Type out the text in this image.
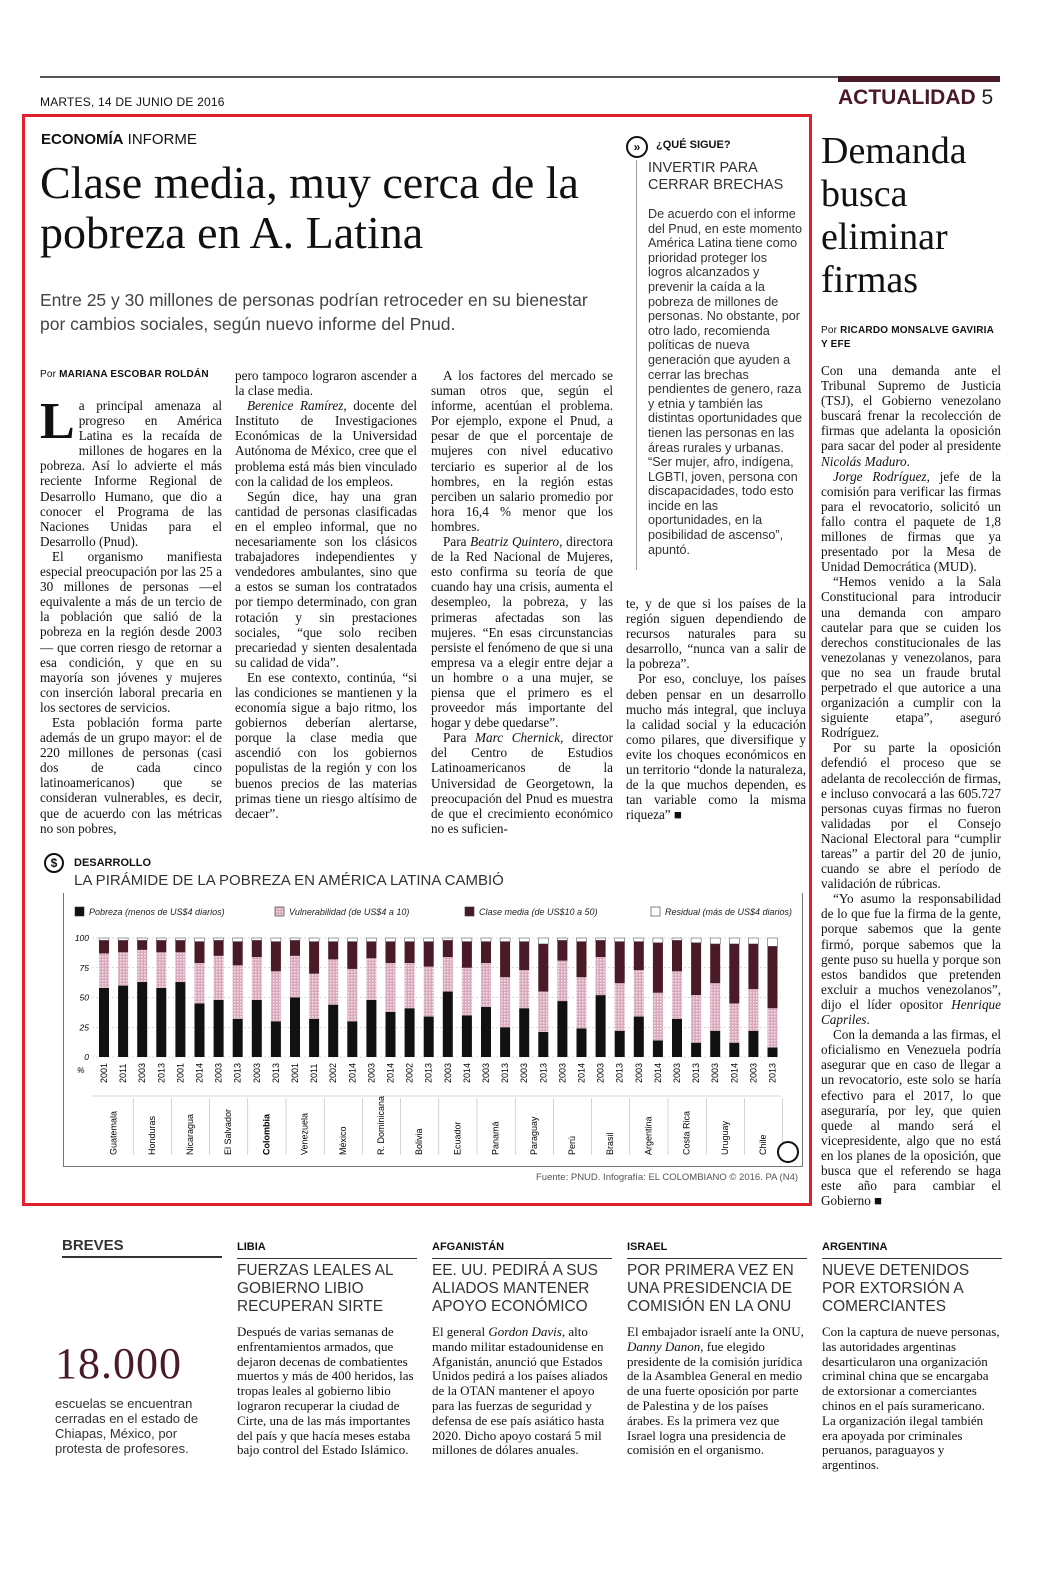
MARTES, 14 DE JUNIO DE 2016	ACTUALIDAD 5
ECONOMÍA INFORME
Clase media, muy cerca de la pobreza en A. Latina
Entre 25 y 30 millones de personas podrían retroceder en su bienestar por cambios sociales, según nuevo informe del Pnud.
Por MARIANA ESCOBAR ROLDÁN

La principal amenaza al progreso en América Latina es la recaída de millones de hogares en la pobreza. Así lo advierte el más reciente Informe Regional de Desarrollo Humano, que dio a conocer el Programa de las Naciones Unidas para el Desarrollo (Pnud).

El organismo manifiesta especial preocupación por las 25 a 30 millones de personas —el equivalente a más de un tercio de la población que salió de la pobreza en la región desde 2003— que corren riesgo de retornar a esa condición, y que en su mayoría son jóvenes y mujeres con inserción laboral precaria en los sectores de servicios.

Esta población forma parte además de un grupo mayor: el de 220 millones de personas (casi dos de cada cinco latinoamericanos) que se consideran vulnerables, es decir, que de acuerdo con las métricas no son pobres,

pero tampoco lograron ascender a la clase media.

Berenice Ramírez, docente del Instituto de Investigaciones Económicas de la Universidad Autónoma de México, cree que el problema está más bien vinculado con la calidad de los empleos.

Según dice, hay una gran cantidad de personas clasificadas en el empleo informal, que no necesariamente son los clásicos trabajadores independientes y vendedores ambulantes, sino que a estos se suman los contratados por tiempo determinado, con gran rotación y sin prestaciones sociales, “que solo reciben precariedad y sienten desalentada su calidad de vida”.

En ese contexto, continúa, “si las condiciones se mantienen y la economía sigue a bajo ritmo, los gobiernos deberían alertarse, porque la clase media que ascendió con los gobiernos populistas de la región y con los buenos precios de las materias primas tiene un riesgo altísimo de decaer”.

A los factores del mercado se suman otros que, según el informe, acentúan el problema. Por ejemplo, expone el Pnud, a pesar de que el porcentaje de mujeres con nivel educativo terciario es superior al de los hombres, en la región estas perciben un salario promedio por hora 16,4 % menor que los hombres.

Para Beatriz Quintero, directora de la Red Nacional de Mujeres, esto confirma su teoría de que cuando hay una crisis, aumenta el desempleo, la pobreza, y las primeras afectadas son las mujeres. “En esas circunstancias persiste el fenómeno de que si una empresa va a elegir entre dejar a un hombre o a una mujer, se piensa que el primero es el proveedor más importante del hogar y debe quedarse”.

Para Marc Chernick, director del Centro de Estudios Latinoamericanos de la Universidad de Georgetown, la preocupación del Pnud es muestra de que el crecimiento económico no es suficien-

te, y de que si los países de la región siguen dependiendo de recursos naturales para su desarrollo, “nunca van a salir de la pobreza”.

Por eso, concluye, los países deben pensar en un desarrollo mucho más integral, que incluya la calidad social y la educación como pilares, que diversifique y evite los choques económicos en un territorio “donde la naturaleza, de la que muchos dependen, es tan variable como la misma riqueza” ■

»	¿QUÉ SIGUE?
INVERTIR PARA CERRAR BRECHAS
De acuerdo con el informe del Pnud, en este momento América Latina tiene como prioridad proteger los logros alcanzados y prevenir la caída a la pobreza de millones de personas. No obstante, por otro lado, recomienda políticas de nueva generación que ayuden a cerrar las brechas pendientes de genero, raza y etnia y también las distintas oportunidades que tienen las personas en las áreas rurales y urbanas. “Ser mujer, afro, indígena, LGBTI, joven, persona con discapacidades, todo esto incide en las oportunidades, en la posibilidad de ascenso”, apuntó.
$	DESARROLLO
LA PIRÁMIDE DE LA POBREZA EN AMÉRICA LATINA CAMBIÓ
Pobreza (menos de US$4 diarios)	Vulnerabilidad (de US$4 a 10)	Clase media (de US$10 a 50)	Residual (más de US$4 diarios)
0
25
50
75
100
% 2001 2011 2003 2013 2001 2014 2003 2013 2003 2013 2001 2011 2002 2014 2003 2014 2002 2013 2003 2014 2003 2013 2003 2013 2003 2014 2003 2013 2003 2014 2003 2013 2003 2014 2003 2013
Guatemala	Honduras	Nicaragua	El Salvador	Colombia	Venezuela	México	R. Dominicana	Bolivia	Ecuador	Panamá	Paraguay	Perú	Brasil	Argentina	Costa Rica	Uruguay	Chile
Fuente: PNUD. Infografía: EL COLOMBIANO © 2016. PA (N4)
Demanda busca eliminar firmas
Por RICARDO MONSALVE GAVIRIA Y EFE

Con una demanda ante el Tribunal Supremo de Justicia (TSJ), el Gobierno venezolano buscará frenar la recolección de firmas que adelanta la oposición para sacar del poder al presidente Nicolás Maduro.

Jorge Rodríguez, jefe de la comisión para verificar las firmas para el revocatorio, solicitó un fallo contra el paquete de 1,8 millones de firmas que ya presentado por la Mesa de Unidad Democrática (MUD).

“Hemos venido a la Sala Constitucional para introducir una demanda con amparo cautelar para que se cuiden los derechos constitucionales de las venezolanas y venezolanos, para que no sea un fraude brutal perpetrado el que autorice a una organización a cumplir con la siguiente etapa”, aseguró Rodríguez.

Por su parte la oposición defendió el proceso que se adelanta de recolección de firmas, e incluso convocará a las 605.727 personas cuyas firmas no fueron validadas por el Consejo Nacional Electoral para “cumplir tareas” a partir del 20 de junio, cuando se abre el período de validación de rúbricas.

“Yo asumo la responsabilidad de lo que fue la firma de la gente, porque sabemos que la gente firmó, porque sabemos que la gente puso su huella y porque son estos bandidos que pretenden excluir a muchos venezolanos”, dijo el líder opositor Henrique Capriles.

Con la demanda a las firmas, el oficialismo en Venezuela podría asegurar que en caso de llegar a un revocatorio, este solo se haría efectivo para el 2017, lo que aseguraría, por ley, que quien quede al mando será el vicepresidente, algo que no está en los planes de la oposición, que busca que el referendo se haga este año para cambiar el Gobierno ■

BREVES
18.000
escuelas se encuentran cerradas en el estado de Chiapas, México, por protesta de profesores.
LIBIA
FUERZAS LEALES AL GOBIERNO LIBIO RECUPERAN SIRTE
Después de varias semanas de enfrentamientos armados, que dejaron decenas de combatientes muertos y más de 400 heridos, las tropas leales al gobierno libio lograron recuperar la ciudad de Cirte, una de las más importantes del país y que hacía meses estaba bajo control del Estado Islámico.
AFGANISTÁN
EE. UU. PEDIRÁ A SUS ALIADOS MANTENER APOYO ECONÓMICO
El general Gordon Davis, alto mando militar estadounidense en Afganistán, anunció que Estados Unidos pedirá a los países aliados de la OTAN mantener el apoyo para las fuerzas de seguridad y defensa de ese país asiático hasta 2020. Dicho apoyo costará 5 mil millones de dólares anuales.
ISRAEL
POR PRIMERA VEZ EN UNA PRESIDENCIA DE COMISIÓN EN LA ONU
El embajador israelí ante la ONU, Danny Danon, fue elegido presidente de la comisión jurídica de la Asamblea General en medio de una fuerte oposición por parte de Palestina y de los países árabes. Es la primera vez que Israel logra una presidencia de comisión en el organismo.
ARGENTINA
NUEVE DETENIDOS POR EXTORSIÓN A COMERCIANTES
Con la captura de nueve personas, las autoridades argentinas desarticularon una organización criminal china que se encargaba de extorsionar a comerciantes chinos en el país suramericano. La organización ilegal también era apoyada por criminales peruanos, paraguayos y argentinos.
